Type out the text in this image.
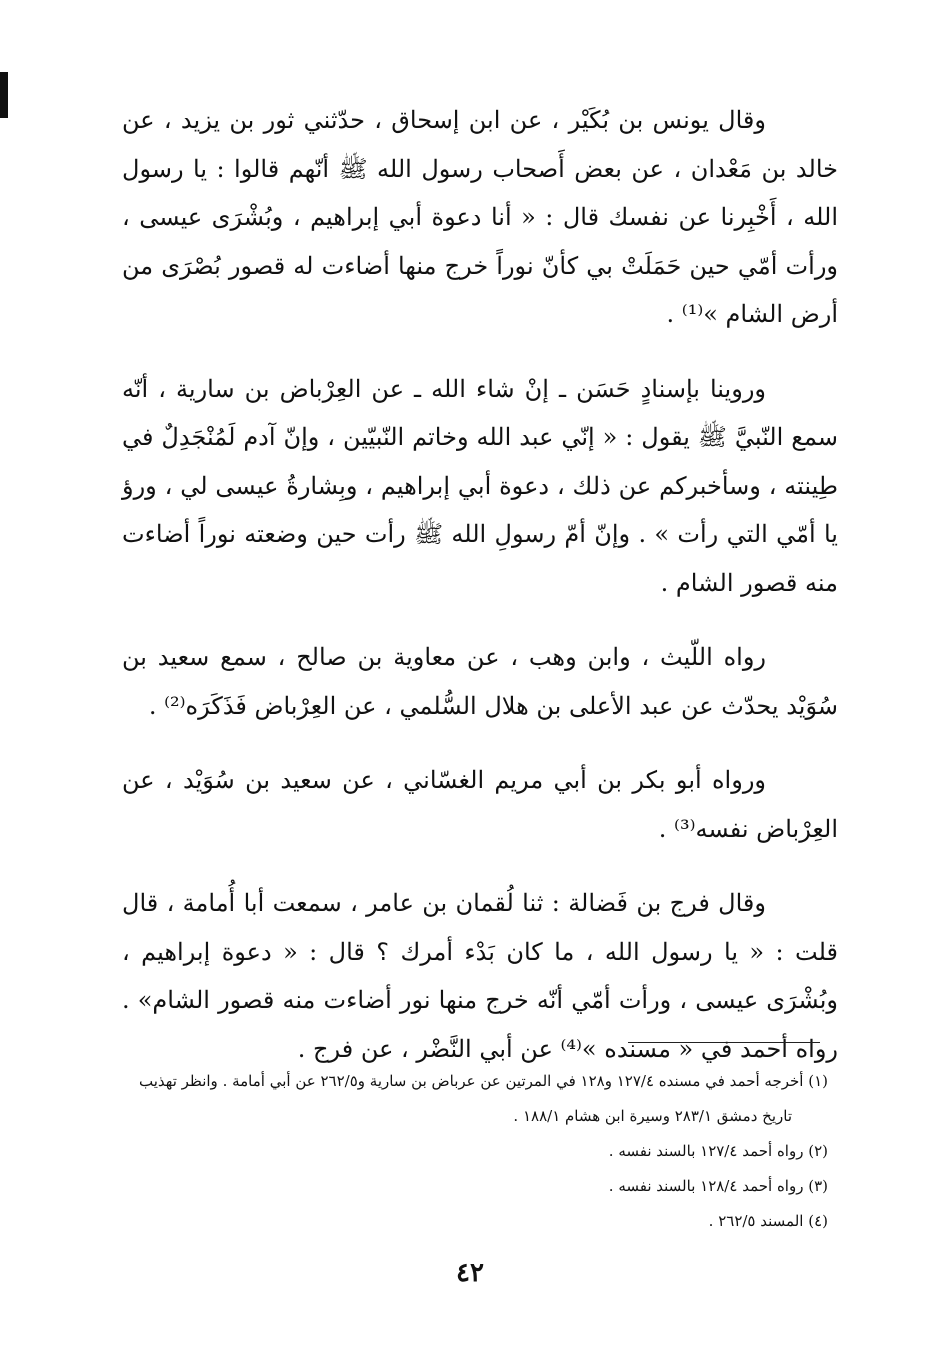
وقال يونس بن بُكَيْر ، عن ابن إسحاق ، حدّثني ثور بن يزيد ، عن خالد بن مَعْدان ، عن بعض أَصحاب رسول الله ﷺ أنّهم قالوا : يا رسول الله ، أَخْبِرنا عن نفسك قال : « أنا دعوة أبي إبراهيم ، وبُشْرَى عيسى ، ورأت أمّي حين حَمَلَتْ بي كأنّ نوراً خرج منها أضاءت له قصور بُصْرَى من أرض الشام »⁽¹⁾ .

وروينا بإسنادٍ حَسَن ـ إنْ شاء الله ـ عن العِرْباض بن سارية ، أنّه سمع النّبيَّ ﷺ يقول : « إنّي عبد الله وخاتم النّبيّين ، وإنّ آدم لَمُنْجَدِلٌ في طِينته ، وسأخبركم عن ذلك ، دعوة أبي إبراهيم ، وبِشارةُ عيسى لي ، ورؤ يا أمّي التي رأت » . وإنّ أمّ رسولِ الله ﷺ رأت حين وضعته نوراً أضاءت منه قصور الشام .

رواه اللّيث ، وابن وهب ، عن معاوية بن صالح ، سمع سعيد بن سُوَيْد يحدّث عن عبد الأعلى بن هلال السُّلمي ، عن العِرْباض فَذَكَرَه⁽²⁾ .

ورواه أبو بكر بن أبي مريم الغسّاني ، عن سعيد بن سُوَيْد ، عن العِرْباض نفسه⁽³⁾ .

وقال فرج بن فَضالة : ثنا لُقمان بن عامر ، سمعت أبا أُمامة ، قال قلت : « يا رسول الله ، ما كان بَدْء أمرك ؟ قال : « دعوة إبراهيم ، وبُشْرَى عيسى ، ورأت أمّي أنّه خرج منها نور أضاءت منه قصور الشام» . رواه أحمد في « مسنده »⁽⁴⁾ عن أبي النَّضْر ، عن فرج .

(١) أخرجه أحمد في مسنده ١٢٧/٤ و١٢٨ في المرتين عن عرباض بن سارية و٢٦٢/٥ عن أبي أمامة . وانظر تهذيب تاريخ دمشق ٢٨٣/١ وسيرة ابن هشام ١٨٨/١ .

(٢) رواه أحمد ١٢٧/٤ بالسند نفسه .

(٣) رواه أحمد ١٢٨/٤ بالسند نفسه .

(٤) المسند ٢٦٢/٥ .

٤٢
